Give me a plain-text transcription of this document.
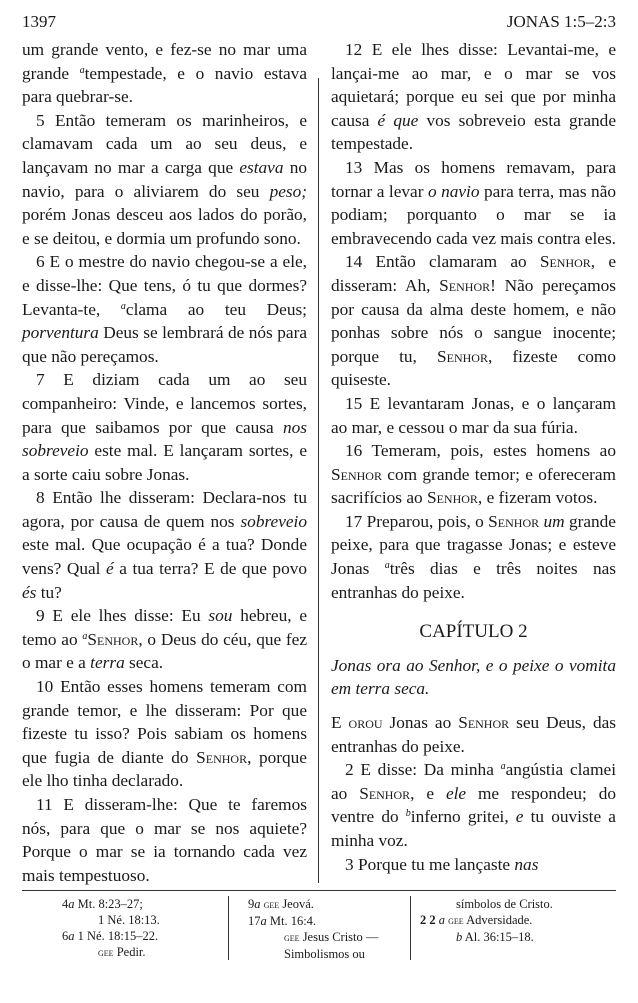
1397	JONAS 1:5–2:3

um grande vento, e fez-se no mar uma grande $^a$tempestade, e o navio estava para quebrar-se.

5 Então temeram os marinheiros, e clamavam cada um ao seu deus, e lançavam no mar a carga que estava no navio, para o aliviarem do seu peso; porém Jonas desceu aos lados do porão, e se deitou, e dormia um profundo sono.

6 E o mestre do navio chegou-se a ele, e disse-lhe: Que tens, ó tu que dormes? Levanta-te, $^a$clama ao teu Deus; porventura Deus se lembrará de nós para que não pereçamos.

7 E diziam cada um ao seu companheiro: Vinde, e lancemos sortes, para que saibamos por que causa nos sobreveio este mal. E lançaram sortes, e a sorte caiu sobre Jonas.

8 Então lhe disseram: Declara-nos tu agora, por causa de quem nos sobreveio este mal. Que ocupação é a tua? Donde vens? Qual é a tua terra? E de que povo és tu?

9 E ele lhes disse: Eu sou hebreu, e temo ao $^a$Senhor, o Deus do céu, que fez o mar e a terra seca.

10 Então esses homens temeram com grande temor, e lhe disseram: Por que fizeste tu isso? Pois sabiam os homens que fugia de diante do Senhor, porque ele lho tinha declarado.

11 E disseram-lhe: Que te faremos nós, para que o mar se nos aquiete? Porque o mar se ia tornando cada vez mais tempestuoso.

12 E ele lhes disse: Levantai-me, e lançai-me ao mar, e o mar se vos aquietará; porque eu sei que por minha causa é que vos sobreveio esta grande tempestade.

13 Mas os homens remavam, para tornar a levar o navio para terra, mas não podiam; porquanto o mar se ia embravecendo cada vez mais contra eles.

14 Então clamaram ao Senhor, e disseram: Ah, Senhor! Não pereçamos por causa da alma deste homem, e não ponhas sobre nós o sangue inocente; porque tu, Senhor, fizeste como quiseste.

15 E levantaram Jonas, e o lançaram ao mar, e cessou o mar da sua fúria.

16 Temeram, pois, estes homens ao Senhor com grande temor; e ofereceram sacrifícios ao Senhor, e fizeram votos.

17 Preparou, pois, o Senhor um grande peixe, para que tragasse Jonas; e esteve Jonas $^a$três dias e três noites nas entranhas do peixe.

CAPÍTULO 2

Jonas ora ao Senhor, e o peixe o vomita em terra seca.

E orou Jonas ao Senhor seu Deus, das entranhas do peixe.

2 E disse: Da minha $^a$angústia clamei ao Senhor, e ele me respondeu; do ventre do $^b$inferno gritei, e tu ouviste a minha voz.

3 Porque tu me lançaste nas

4a Mt. 8:23–27;
1 Né. 18:13.
6a 1 Né. 18:15–22.
gee Pedir.
9a gee Jeová.
17a Mt. 16:4.
gee Jesus Cristo —
Simbolismos ou
símbolos de Cristo.
2 2 a gee Adversidade.
b Al. 36:15–18.
